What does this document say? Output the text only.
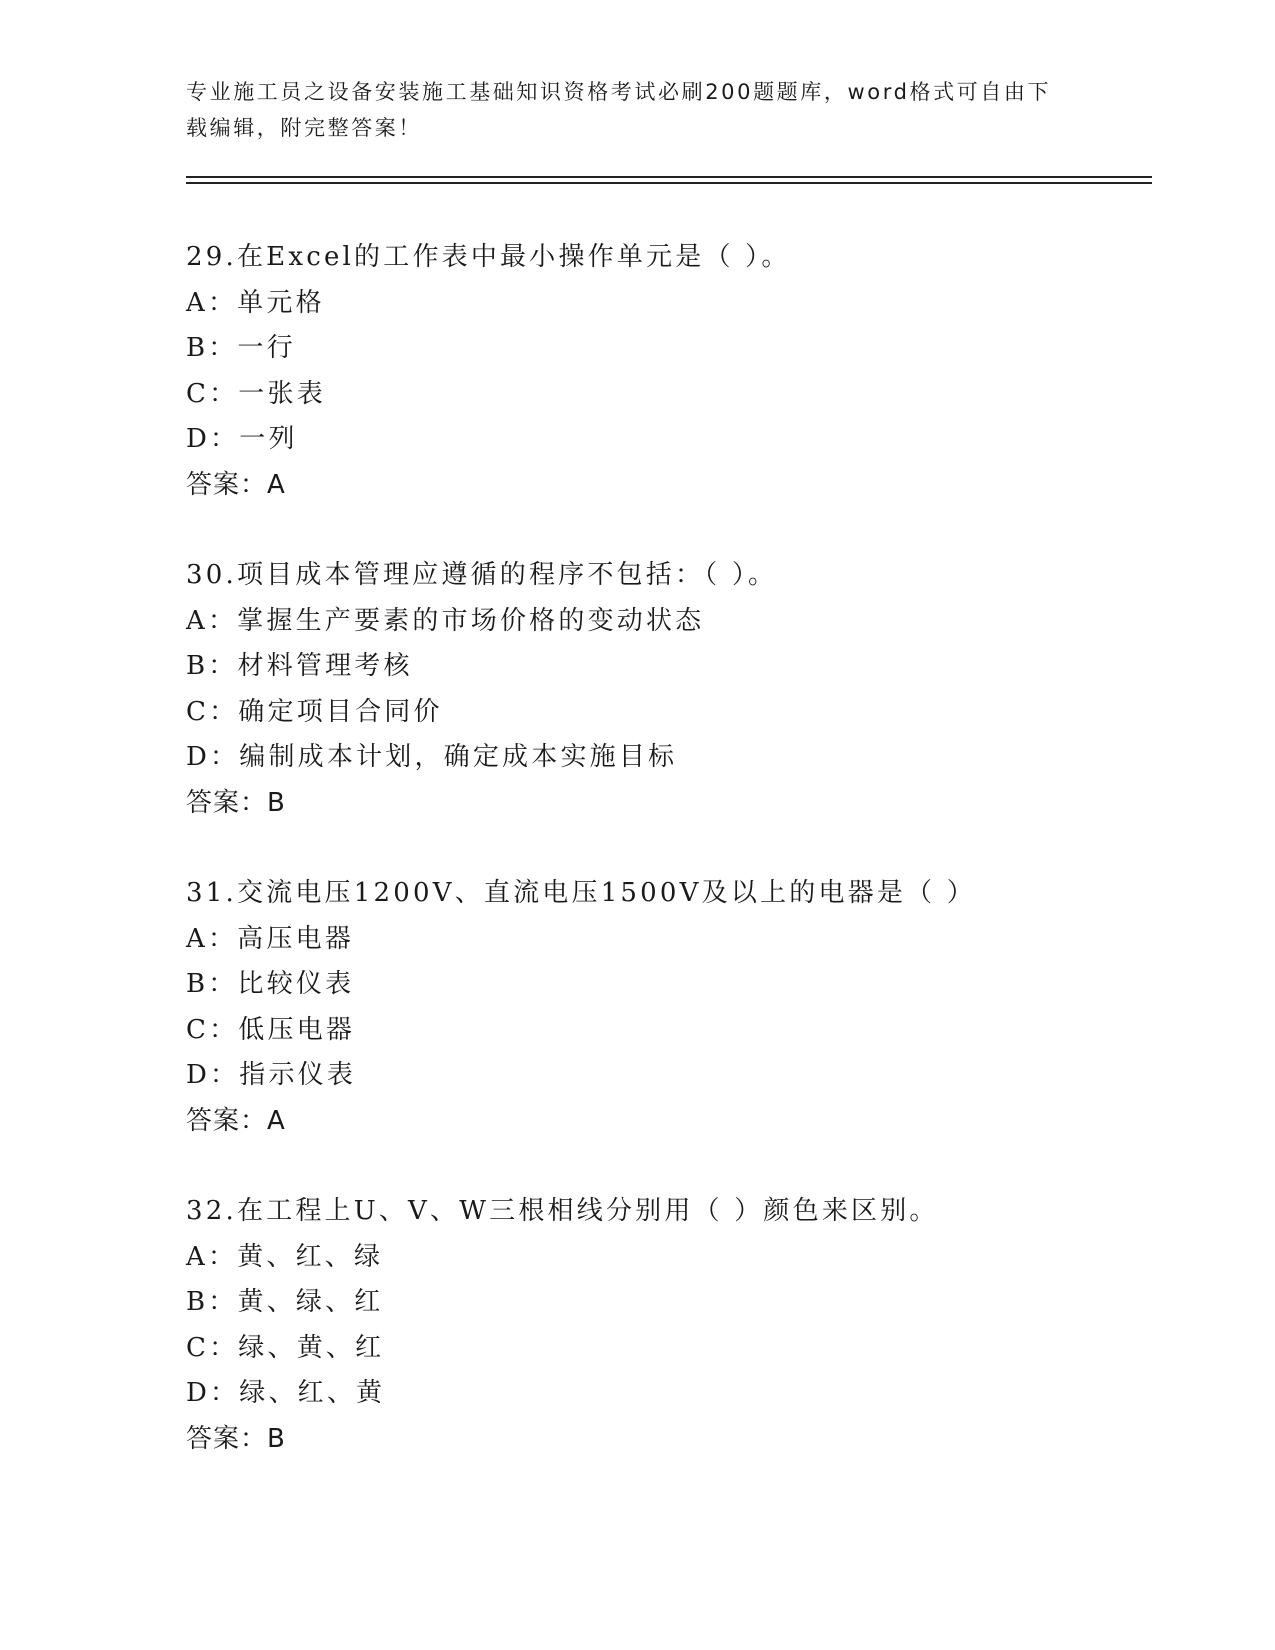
专业施工员之设备安装施工基础知识资格考试必刷200题题库，word格式可自由下载编辑，附完整答案！
29.在Excel的工作表中最小操作单元是（ ）。
A：单元格
B：一行
C：一张表
D：一列
答案：A
30.项目成本管理应遵循的程序不包括：（ ）。
A：掌握生产要素的市场价格的变动状态
B：材料管理考核
C：确定项目合同价
D：编制成本计划，确定成本实施目标
答案：B
31.交流电压1200V、直流电压1500V及以上的电器是（ ）
A：高压电器
B：比较仪表
C：低压电器
D：指示仪表
答案：A
32.在工程上U、V、W三根相线分别用（ ）颜色来区别。
A：黄、红、绿
B：黄、绿、红
C：绿、黄、红
D：绿、红、黄
答案：B
